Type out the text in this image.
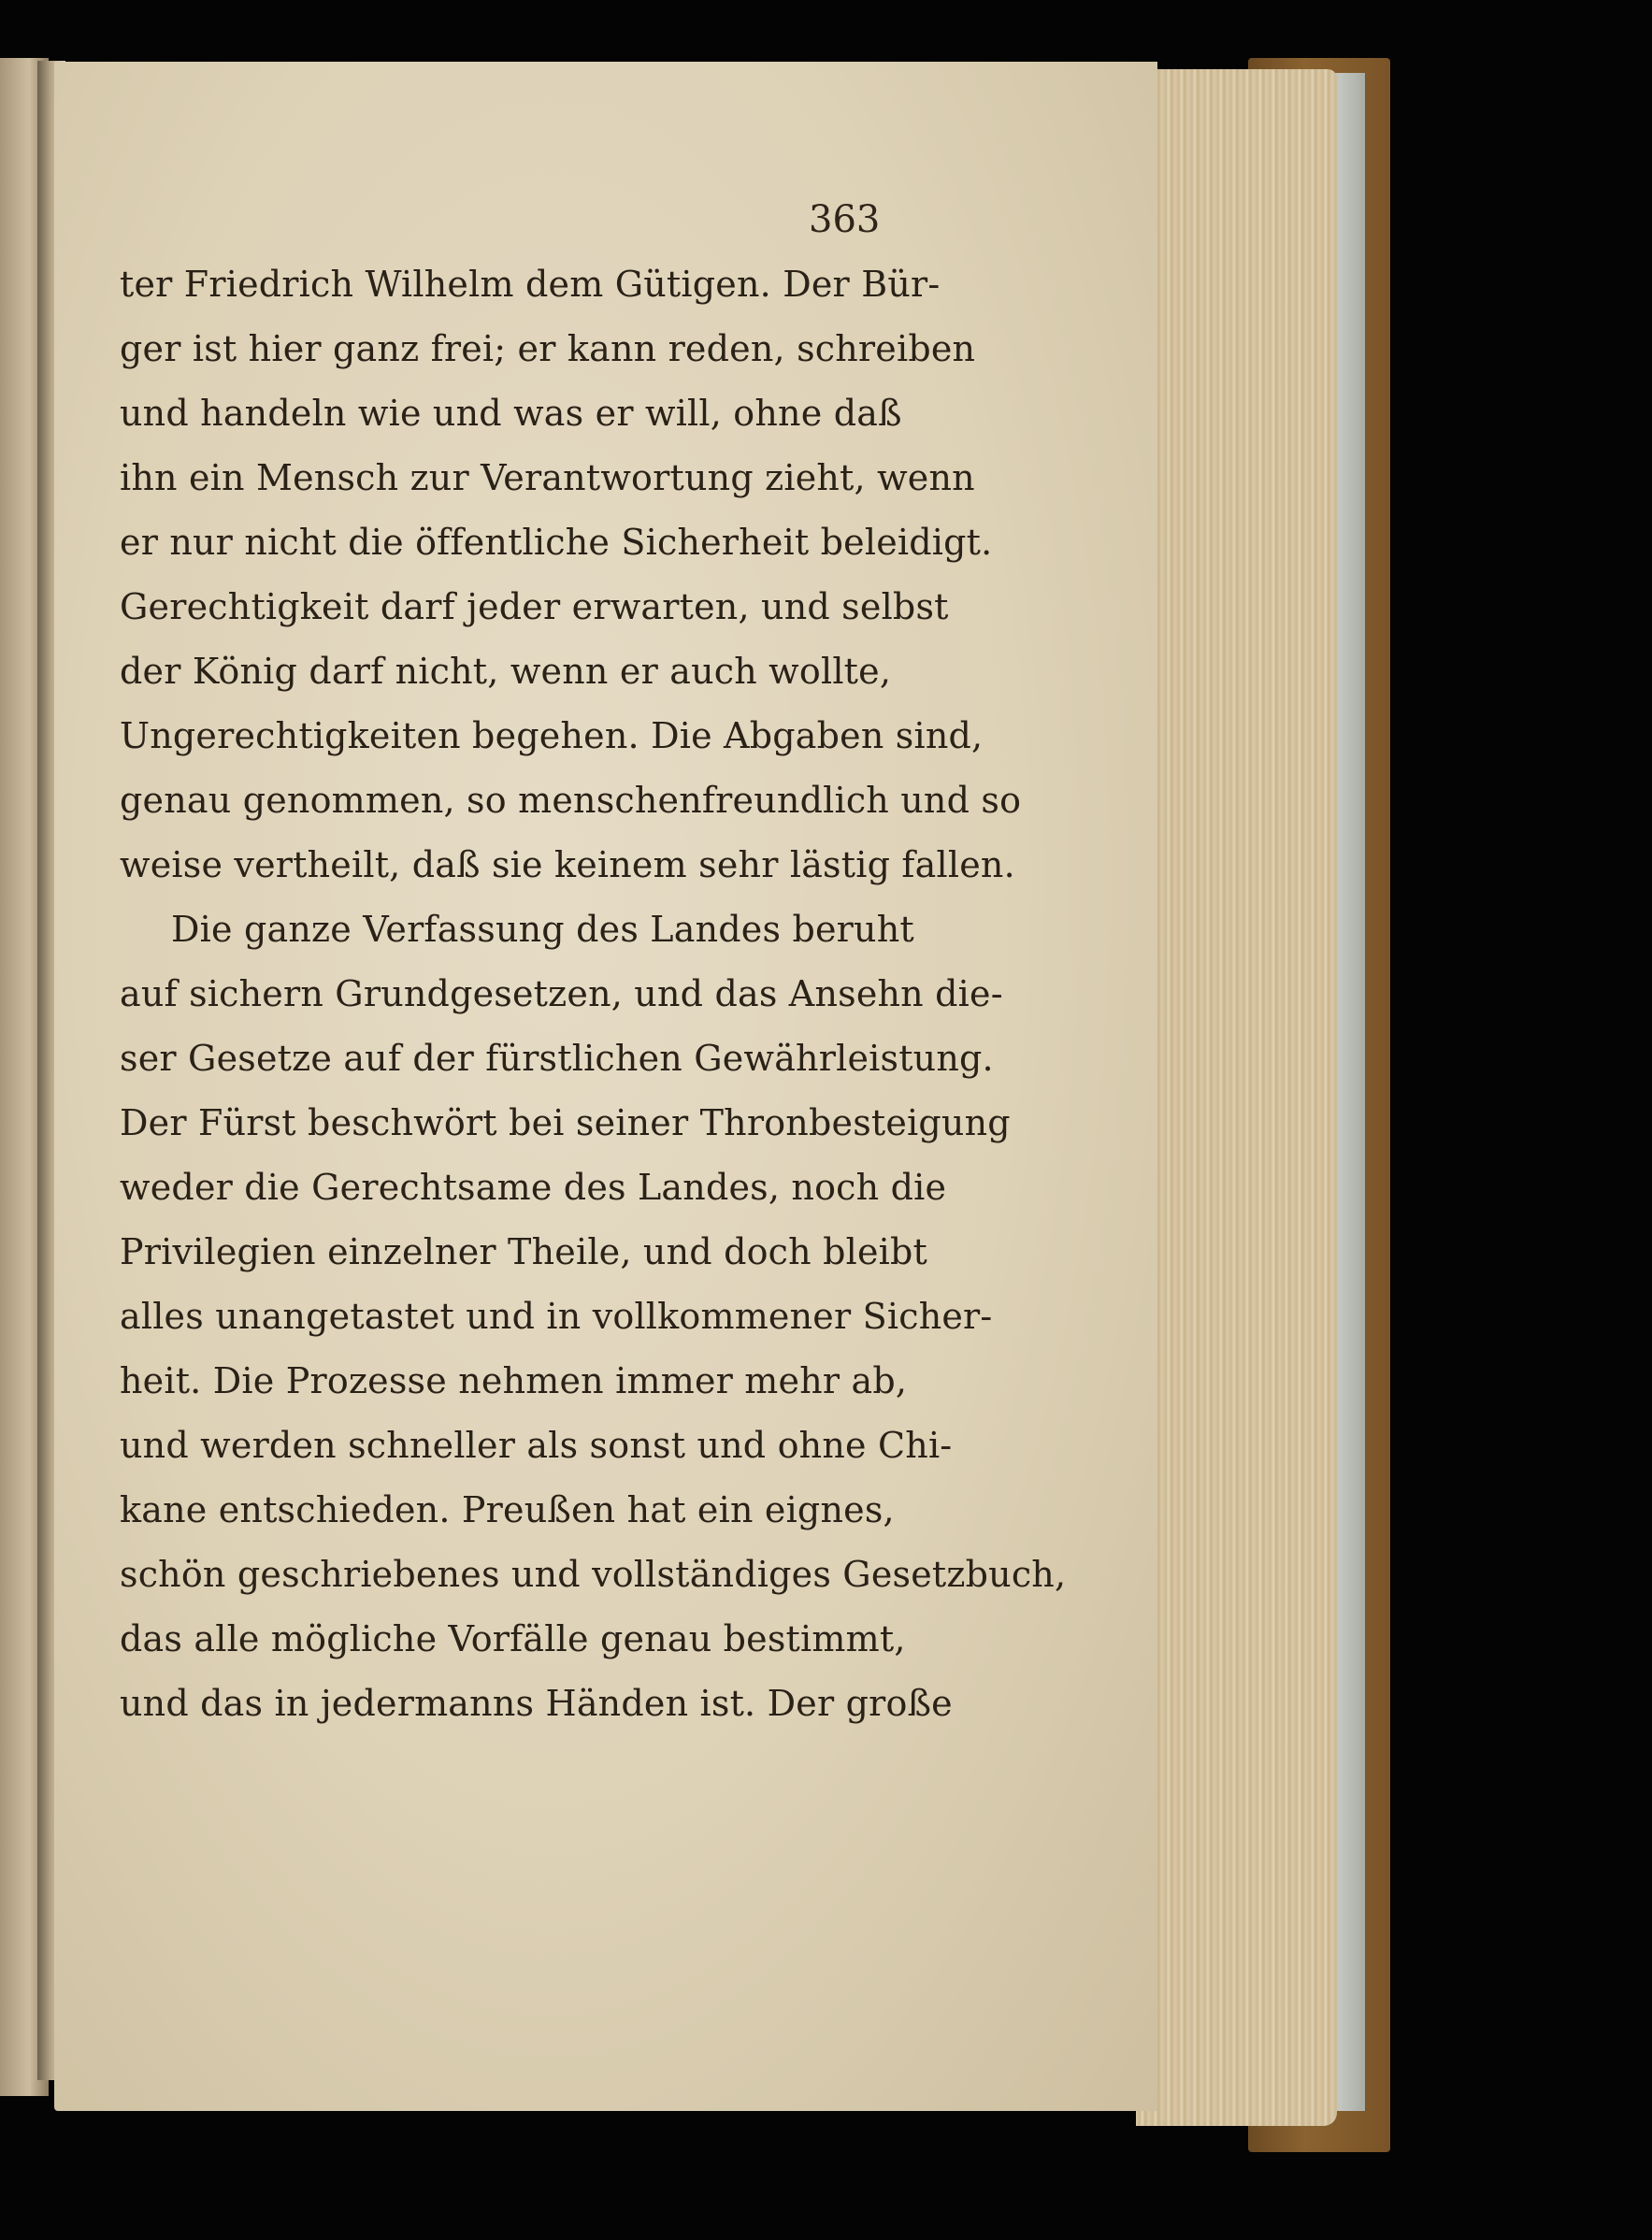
363
ter Friedrich Wilhelm dem Gütigen. Der Bür-
ger ist hier ganz frei; er kann reden, schreiben
und handeln wie und was er will, ohne daß
ihn ein Mensch zur Verantwortung zieht, wenn
er nur nicht die öffentliche Sicherheit beleidigt.
Gerechtigkeit darf jeder erwarten, und selbst
der König darf nicht, wenn er auch wollte,
Ungerechtigkeiten begehen. Die Abgaben sind,
genau genommen, so menschenfreundlich und so
weise vertheilt, daß sie keinem sehr lästig fallen.
Die ganze Verfassung des Landes beruht
auf sichern Grundgesetzen, und das Ansehn die-
ser Gesetze auf der fürstlichen Gewährleistung.
Der Fürst beschwört bei seiner Thronbesteigung
weder die Gerechtsame des Landes, noch die
Privilegien einzelner Theile, und doch bleibt
alles unangetastet und in vollkommener Sicher-
heit. Die Prozesse nehmen immer mehr ab,
und werden schneller als sonst und ohne Chi-
kane entschieden. Preußen hat ein eignes,
schön geschriebenes und vollständiges Gesetzbuch,
das alle mögliche Vorfälle genau bestimmt,
und das in jedermanns Händen ist. Der große
